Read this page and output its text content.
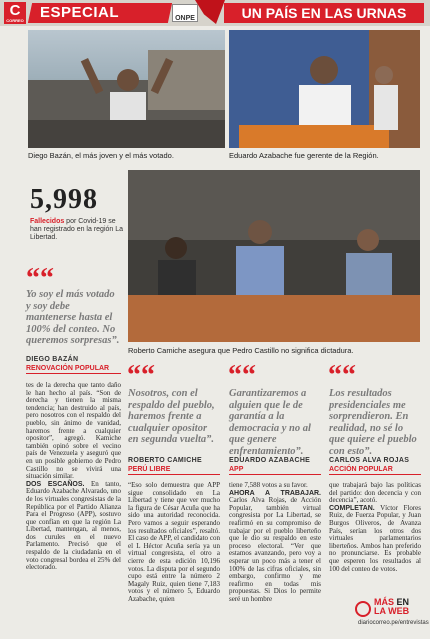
C
CORREO	ESPECIAL	ONPE	UN PAÍS EN LAS URNAS
Diego Bazán, el más joven y el más votado.	Eduardo Azabache fue gerente de la Región.
5,998
Fallecidos por Covid-19 se han registrado en la región La Libertad.
Roberto Camiche asegura que Pedro Castillo no significa dictadura.
““
Yo soy el más votado y soy debe mantenerse hasta el 100% del conteo. No queremos sorpresas”.
DIEGO BAZÁN
RENOVACIÓN POPULAR ““
Nosotros, con el respaldo del pueblo, haremos frente a cualquier opositor en segunda vuelta”.
ROBERTO CAMICHE
PERÚ LIBRE
““
Garantizaremos a alguien que le de garantía a la democracia y no al que genere enfrentamiento”.
EDUARDO AZABACHE
APP
““
Los resultados presidenciales me sorprendieron. En realidad, no sé lo que quiere el pueblo con esto”.
CARLOS ALVA ROJAS
ACCIÓN POPULAR
tes de la derecha que tanto daño le han hecho al país. “Son de derecha y tienen la misma tendencia; han destruido al país, pero nosotros con el respaldo del pueblo, sin ánimo de vanidad, haremos frente a cualquier opositor”, agregó. Kamiche también opinó sobre el vecino país de Venezuela y aseguró que en un posible gobierno de Pedro Castillo no se vivirá una situación similar.
DOS ESCAÑOS. En tanto, Eduardo Azabache Alvarado, uno de los virtuales congresistas de la República por el Partido Alianza Para el Progreso (APP), sostuvo que confían en que la región La Libertad, mantengan, al menos, dos curules en el nuevo Parlamento. Precisó que el respaldo de la ciudadanía en el voto congresal bordea el 25% del electorado.
“Eso solo demuestra que APP sigue consolidado en La Libertad y tiene que ver mucho la figura de César Acuña que ha sido una autoridad reconocida. Pero vamos a seguir esperando los resultados oficiales”, resaltó. El caso de APP, el candidato con el L Héctor Acuña sería ya un virtual congresista, el otro a cierre de esta edición 10,196 votos. La disputa por el segundo cupo está entre la número 2 Magaly Ruiz, quien tiene 7,183 votos y el número 5, Eduardo Azabache, quien
tiene 7,588 votos a su favor.
AHORA A TRABAJAR. Carlos Alva Rojas, de Acción Popular, también virtual congresista por La Libertad, se reafirmó en su compromiso de trabajar por el pueblo liberteño que le dio su respaldo en este proceso electoral. “Ver que estamos avanzando, pero voy a esperar un poco más a tener el 100% de las cifras oficiales, sin embargo, confirmo y me reafirmo en todas mis propuestas. Si Dios lo permite seré un hombre
que trabajará bajo las políticas del partido: don decencia y con decencia”, acotó.
COMPLETAN. Víctor Flores Ruiz, de Fuerza Popular, y Juan Burgos Oliveros, de Avanza País, serían los otros dos virtuales parlamentarios liberteños. Ambos han preferido no pronunciarse. Es probable que esperen los resultados al 100 del conteo de votos.
MÁS EN
LA WEB
diariocorreo.pe/entrevistas
